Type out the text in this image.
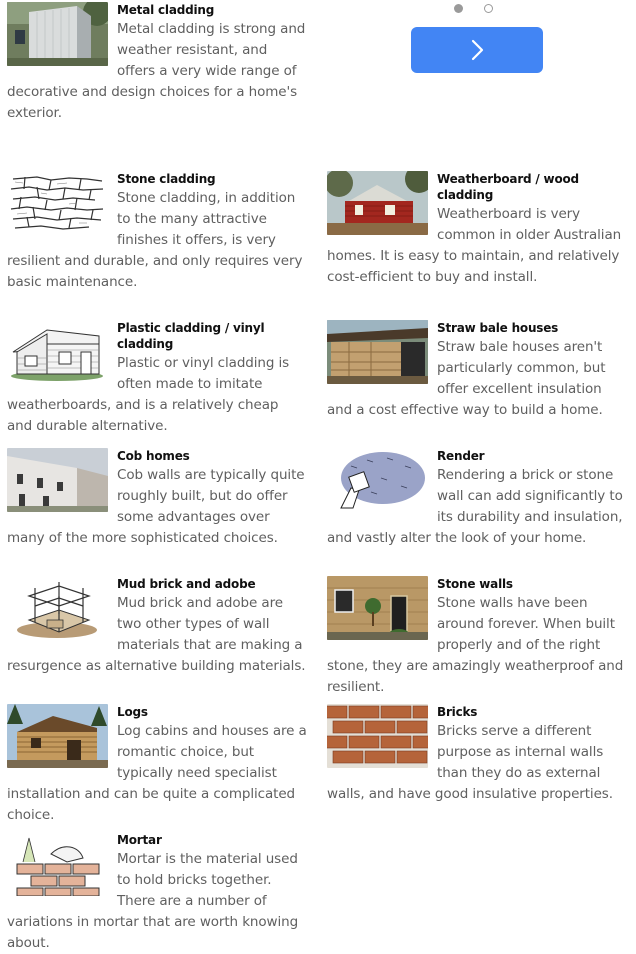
Metal cladding

Metal cladding is strong and weather resistant, and offers a very wide range of decorative and design choices for a home's exterior.

Stone cladding

Stone cladding, in addition to the many attractive finishes it offers, is very resilient and durable, and only requires very basic maintenance.

Weatherboard / wood cladding

Weatherboard is very common in older Australian homes. It is easy to maintain, and relatively cost-efficient to buy and install.

Plastic cladding / vinyl cladding

Plastic or vinyl cladding is often made to imitate weatherboards, and is a relatively cheap and durable alternative.

Straw bale houses

Straw bale houses aren't particularly common, but offer excellent insulation and a cost effective way to build a home.

Cob homes

Cob walls are typically quite roughly built, but do offer some advantages over many of the more sophisticated choices.

Render

Rendering a brick or stone wall can add significantly to its durability and insulation, and vastly alter the look of your home.

Mud brick and adobe

Mud brick and adobe are two other types of wall materials that are making a resurgence as alternative building materials.

Stone walls

Stone walls have been around forever. When built properly and of the right stone, they are amazingly weatherproof and resilient.

Logs

Log cabins and houses are a romantic choice, but typically need specialist installation and can be quite a complicated choice.

Bricks

Bricks serve a different purpose as internal walls than they do as external walls, and have good insulative properties.

Mortar

Mortar is the material used to hold bricks together. There are a number of variations in mortar that are worth knowing about.
